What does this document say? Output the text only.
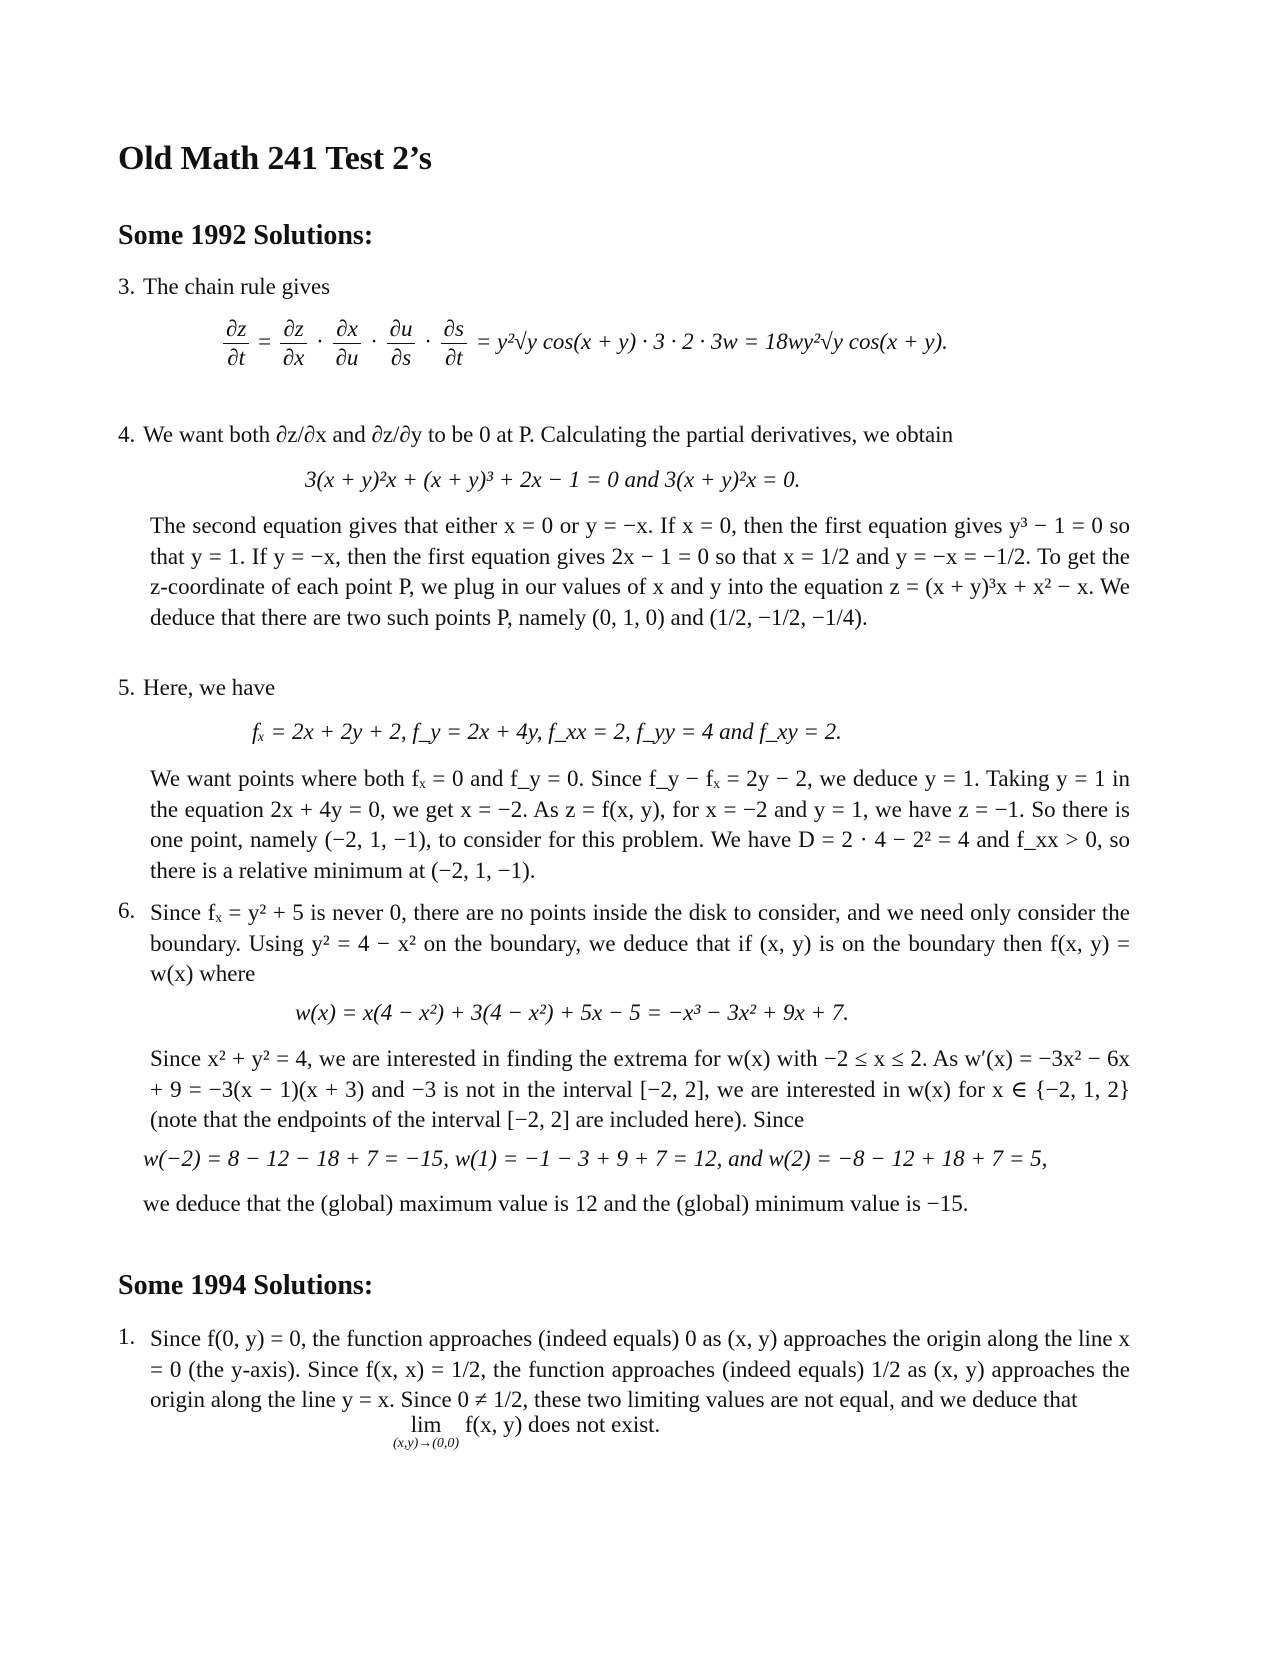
Old Math 241 Test 2’s
Some 1992 Solutions:
3. The chain rule gives
$\frac{\partial z}{\partial t} = \frac{\partial z}{\partial x} \cdot \frac{\partial x}{\partial u} \cdot \frac{\partial u}{\partial s} \cdot \frac{\partial s}{\partial t} = y^2√y$ cos(x + y) · 3 · 2 · 3w = 18wy²√y cos(x + y).
4. We want both ∂z/∂x and ∂z/∂y to be 0 at P. Calculating the partial derivatives, we obtain
3(x + y)²x + (x + y)³ + 2x − 1 = 0 and 3(x + y)²x = 0.
The second equation gives that either x = 0 or y = −x. If x = 0, then the first equation gives y³ − 1 = 0 so that y = 1. If y = −x, then the first equation gives 2x − 1 = 0 so that x = 1/2 and y = −x = −1/2. To get the z-coordinate of each point P, we plug in our values of x and y into the equation z = (x + y)³x + x² − x. We deduce that there are two such points P, namely (0, 1, 0) and (1/2, −1/2, −1/4).
5. Here, we have
fₓ = 2x + 2y + 2, f_y = 2x + 4y, f_xx = 2, f_yy = 4 and f_xy = 2.
We want points where both fₓ = 0 and f_y = 0. Since f_y − fₓ = 2y − 2, we deduce y = 1. Taking y = 1 in the equation 2x + 4y = 0, we get x = −2. As z = f(x, y), for x = −2 and y = 1, we have z = −1. So there is one point, namely (−2, 1, −1), to consider for this problem. We have D = 2 · 4 − 2² = 4 and f_xx > 0, so there is a relative minimum at (−2, 1, −1).
6. Since fₓ = y² + 5 is never 0, there are no points inside the disk to consider, and we need only consider the boundary. Using y² = 4 − x² on the boundary, we deduce that if (x, y) is on the boundary then f(x, y) = w(x) where
w(x) = x(4 − x²) + 3(4 − x²) + 5x − 5 = −x³ − 3x² + 9x + 7.
Since x² + y² = 4, we are interested in finding the extrema for w(x) with −2 ≤ x ≤ 2. As w′(x) = −3x² − 6x + 9 = −3(x − 1)(x + 3) and −3 is not in the interval [−2, 2], we are interested in w(x) for x ∈ {−2, 1, 2} (note that the endpoints of the interval [−2, 2] are included here). Since
w(−2) = 8 − 12 − 18 + 7 = −15, w(1) = −1 − 3 + 9 + 7 = 12, and w(2) = −8 − 12 + 18 + 7 = 5,
we deduce that the (global) maximum value is 12 and the (global) minimum value is −15.
Some 1994 Solutions:
1. Since f(0, y) = 0, the function approaches (indeed equals) 0 as (x, y) approaches the origin along the line x = 0 (the y-axis). Since f(x, x) = 1/2, the function approaches (indeed equals) 1/2 as (x, y) approaches the origin along the line y = x. Since 0 ≠ 1/2, these two limiting values are not equal, and we deduce that
lim
(x,y)→(0,0)
f(x, y) does not exist.
